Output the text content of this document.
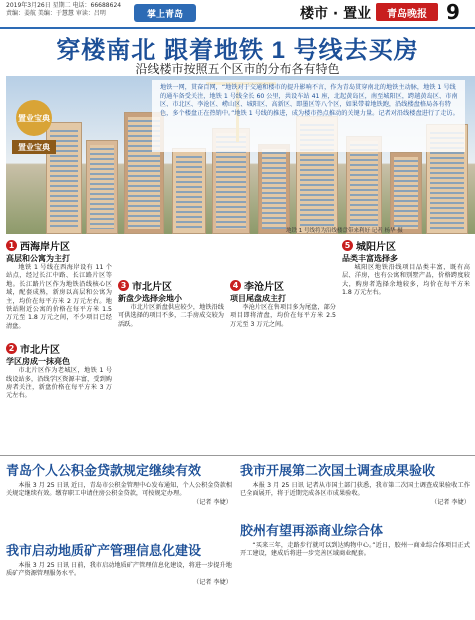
2019年3月26日 星期二 电话：66688624
责编：姜航 美编：于慧慧 审读：吕明	掌上青岛	楼市 · 置业	青岛晚报 9
穿楼南北 跟着地铁 1 号线去买房
沿线楼市按照五个区市的分布各有特色
地铁一网，贯奋百网，“地铁对于交通和楼市的提升影响不言，作为青岛贯穿南北的地铁主动脉，地铁 1 号线的通车备受关注，地铁 1 号线全长 60 公里，共设车站 41 座，北起黄岛区，南至城阳区，跨越黄岛区、市南区、市北区、李沧区、崂山区、城阳区、高新区、即墨区等八个区，如果带着地铁跑，沿线楼盘格局各有特色，多个楼盘正在热销中。”地铁 1 号线的推进，成为楼市热点推动的关键力量。记者对沿线楼盘进行了走访。
置业宝典
置业宝典
地铁 1 号线将为沿线楼盘带来利好 记者 杨华 摄
1 西海岸片区
高层和公寓为主打

地铁 1 号线在西海岸设有 11 个站点，经过长江中路、长江路片区等地。长江路片区作为地铁沿线核心区域，配套成熟，新房以高层和公寓为主，均价在每平方米 2 万元左右。地铁站附近公寓的价格在每平方米 1.5 万元至 1.8 万元之间，不少项目已经清盘。

2 市北片区
学区房成一抹亮色

市北片区作为老城区，地铁 1 号线设站多，沿线学区资源丰富，受到购房者关注，新盘价格在每平方米 3 万元左右。

3 市北片区
新盘少选择余地小

市北片区新盘供应较少，地铁沿线可供选择的项目不多，二手房成交较为活跃。

4 李沧片区
项目尾盘成主打

李沧片区在售项目多为尾盘，部分项目即将清盘，均价在每平方米 2.5 万元至 3 万元之间。

5 城阳片区
品类丰富选择多

城阳区地铁沿线项目品类丰富，既有高层、洋房，也有公寓和别墅产品，价格跨度较大，购房者选择余地较多，均价在每平方米 1.8 万元左右。

青岛个人公积金贷款规定继续有效

本报 3 月 25 日讯 近日，青岛市公积金管理中心发布通知，个人公积金贷款相关规定继续有效。缴存职工申请住房公积金贷款，可按规定办理。

（记者 李婕）

我市启动地质矿产管理信息化建设

本报 3 月 25 日讯 日前，我市启动地质矿产管理信息化建设，将进一步提升地质矿产资源管理服务水平。

（记者 李婕）

我市开展第二次国土调查成果验收

本报 3 月 25 日讯 记者从市国土部门获悉，我市第二次国土调查成果验收工作已全面展开，将于近期完成各区市成果验收。

（记者 李婕）

胶州有望再添商业综合体

“买来三年，走路步行就可以到达购物中心。”近日，胶州一商业综合体项目正式开工建设，建成后将进一步完善区域商业配套。
